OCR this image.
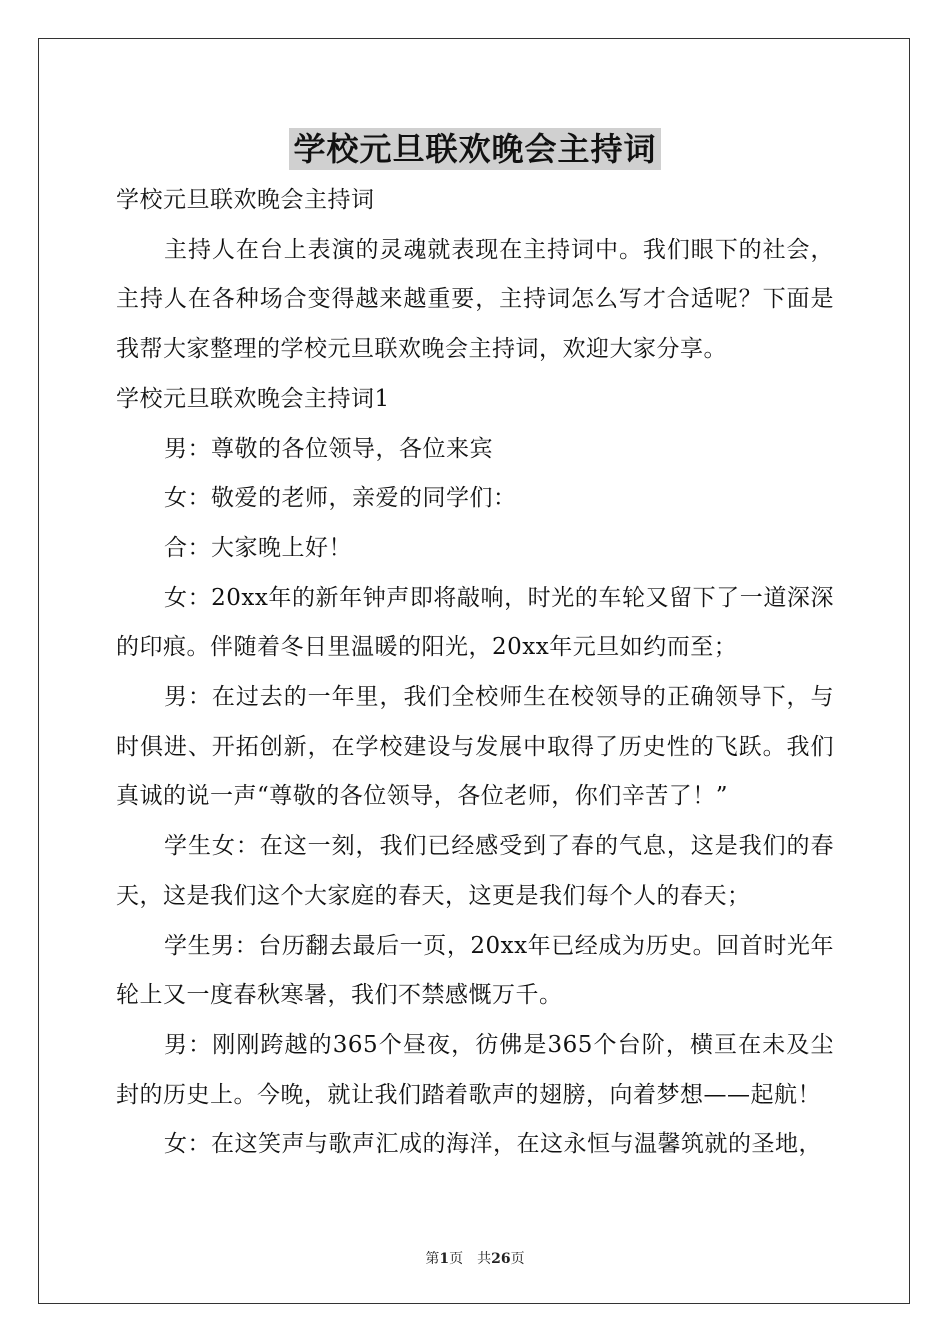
学校元旦联欢晚会主持词

学校元旦联欢晚会主持词

主持人在台上表演的灵魂就表现在主持词中。我们眼下的社会，主持人在各种场合变得越来越重要，主持词怎么写才合适呢？下面是我帮大家整理的学校元旦联欢晚会主持词，欢迎大家分享。

学校元旦联欢晚会主持词1

男：尊敬的各位领导，各位来宾

女：敬爱的老师，亲爱的同学们：

合：大家晚上好！

女：20xx年的新年钟声即将敲响，时光的车轮又留下了一道深深的印痕。伴随着冬日里温暖的阳光，20xx年元旦如约而至；

男：在过去的一年里，我们全校师生在校领导的正确领导下，与时俱进、开拓创新，在学校建设与发展中取得了历史性的飞跃。我们真诚的说一声“尊敬的各位领导，各位老师，你们辛苦了！”

学生女：在这一刻，我们已经感受到了春的气息，这是我们的春天，这是我们这个大家庭的春天，这更是我们每个人的春天；

学生男：台历翻去最后一页，20xx年已经成为历史。回首时光年轮上又一度春秋寒暑，我们不禁感慨万千。

男：刚刚跨越的365个昼夜，彷佛是365个台阶，横亘在未及尘封的历史上。今晚，就让我们踏着歌声的翅膀，向着梦想——起航！

女：在这笑声与歌声汇成的海洋，在这永恒与温馨筑就的圣地，

第1页 共26页
